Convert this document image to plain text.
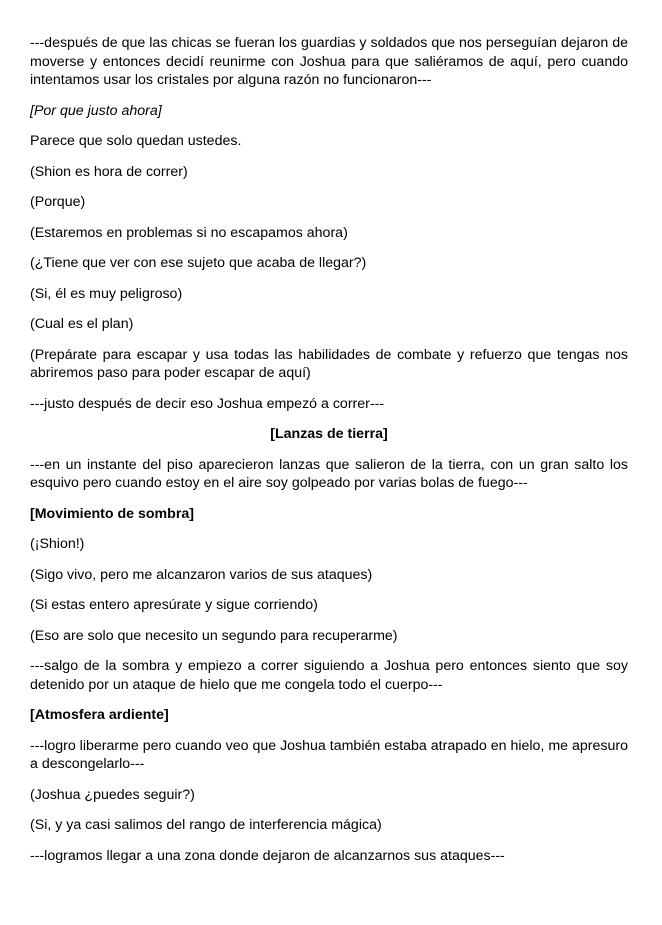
---después de que las chicas se fueran los guardias y soldados que nos perseguían dejaron de moverse y entonces decidí reunirme con Joshua para que saliéramos de aquí, pero cuando intentamos usar los cristales por alguna razón no funcionaron---

[Por que justo ahora]

Parece que solo quedan ustedes.

(Shion es hora de correr)

(Porque)

(Estaremos en problemas si no escapamos ahora)

(¿Tiene que ver con ese sujeto que acaba de llegar?)

(Si, él es muy peligroso)

(Cual es el plan)

(Prepárate para escapar y usa todas las habilidades de combate y refuerzo que tengas nos abriremos paso para poder escapar de aquí)

---justo después de decir eso Joshua empezó a correr---

[Lanzas de tierra]

---en un instante del piso aparecieron lanzas que salieron de la tierra, con un gran salto los esquivo pero cuando estoy en el aire soy golpeado por varias bolas de fuego---

[Movimiento de sombra]

(¡Shion!)

(Sigo vivo, pero me alcanzaron varios de sus ataques)

(Si estas entero apresúrate y sigue corriendo)

(Eso are solo que necesito un segundo para recuperarme)

---salgo de la sombra y empiezo a correr siguiendo a Joshua pero entonces siento que soy detenido por un ataque de hielo que me congela todo el cuerpo---

[Atmosfera ardiente]

---logro liberarme pero cuando veo que Joshua también estaba atrapado en hielo, me apresuro a descongelarlo---

(Joshua ¿puedes seguir?)

(Si, y ya casi salimos del rango de interferencia mágica)

---logramos llegar a una zona donde dejaron de alcanzarnos sus ataques---
